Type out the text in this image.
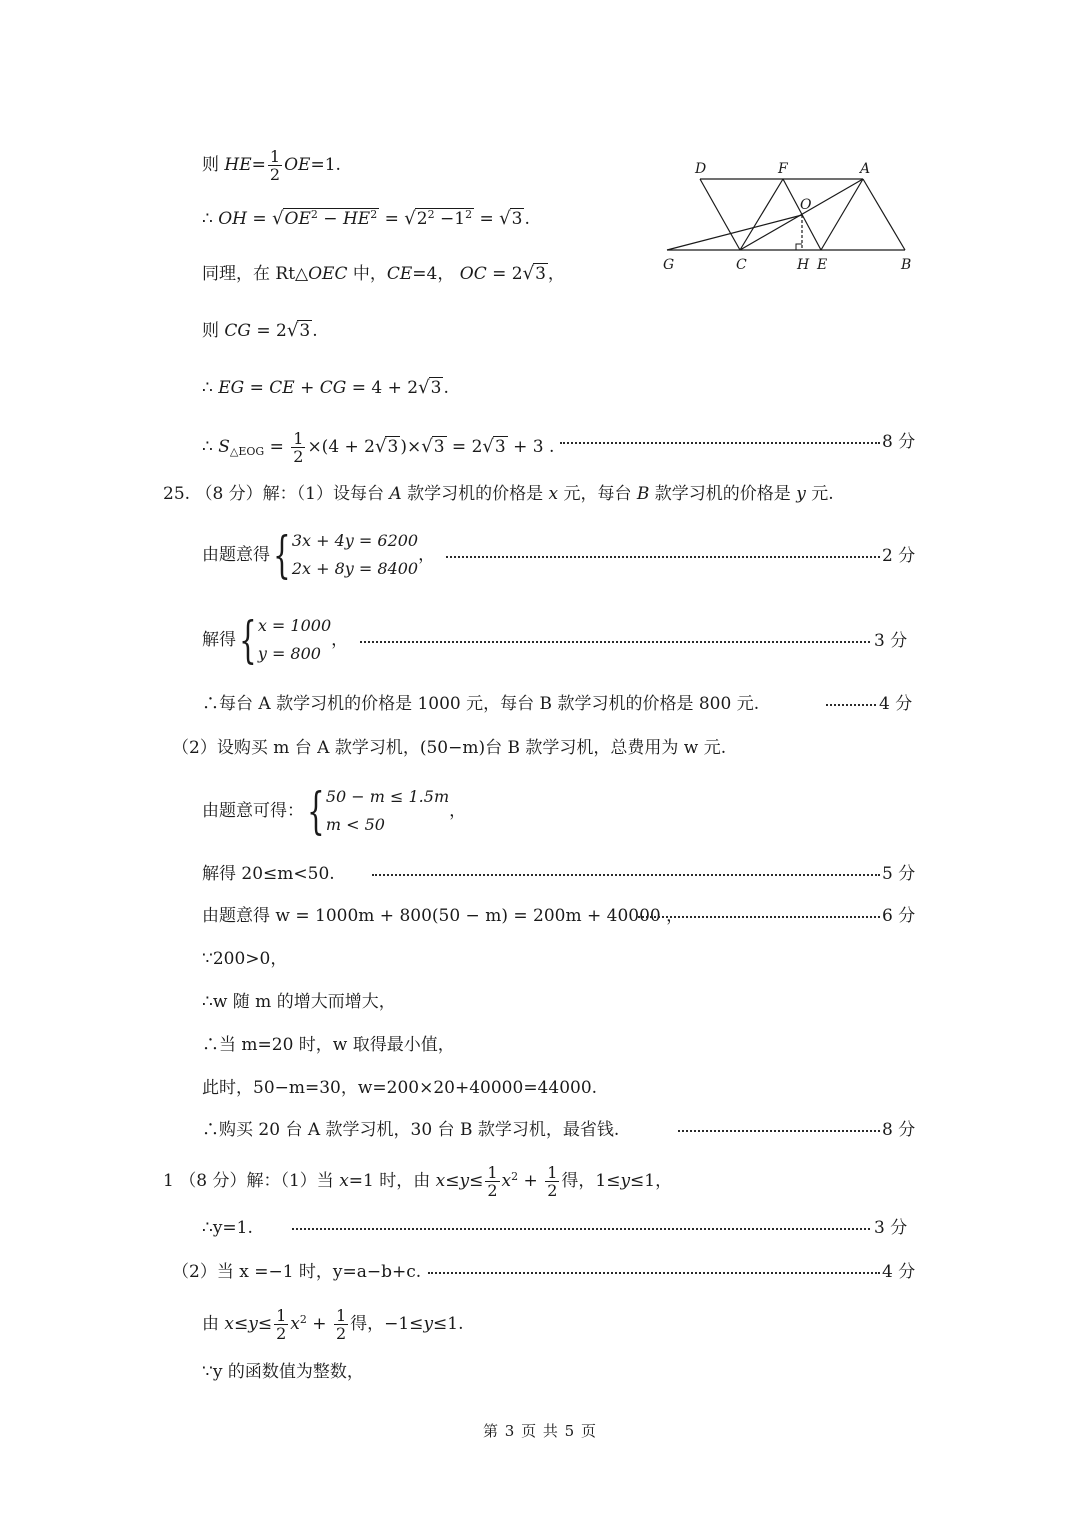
则 $HE= \frac{1}{2} OE=1$.
∴ OH = $√OE^2 - HE^2 = √2^2 -1^2 = √3$ .
同理，在 Rt△OEC 中，CE=4， OC = 2√3 ，
则 CG = 2√3 .
∴ EG = CE + CG = 4 + 2√3 .
∴ $S_{\triangle EOG} = \frac{1}{2} \times(4 + 2√3$ )×√3 = 2√3 + 3 .	8 分
25. （8 分）解：（1）设每台 A 款学习机的价格是 x 元，每台 B 款学习机的价格是 y 元.
由题意得 { 3x + 4y = 6200
2x + 8y = 8400
，	2 分
解得 { x = 1000
y = 800
，	3 分
∴每台 A 款学习机的价格是 1000 元，每台 B 款学习机的价格是 800 元.	4 分
（2）设购买 m 台 A 款学习机，(50−m)台 B 款学习机，总费用为 w 元.
由题意可得： { 50 − m ≤ 1.5m
m < 50
，
解得 20≤m<50.	5 分
由题意得 w = 1000m + 800(50 − m) = 200m + 40000 ，	6 分
∵200>0，
∴w 随 m 的增大而增大，
∴当 m=20 时，w 取得最小值，
此时，50−m=30，w=200×20+40000=44000.
∴购买 20 台 A 款学习机，30 台 B 款学习机，最省钱.	8 分
1 （8 分）解：（1）当 x=1 时，由 $x\le y\le \frac{1}{2} x^2 + \frac{1}{2}$ 得，1≤y≤1，
∴y=1.	3 分
（2）当 x =−1 时，y=a−b+c.	4 分
由 $x\le y\le \frac{1}{2} x^2 + \frac{1}{2}$ 得，−1≤y≤1.
∵y 的函数值为整数，
D	F	A
O
G	C	H E	B
第 3 页 共 5 页
